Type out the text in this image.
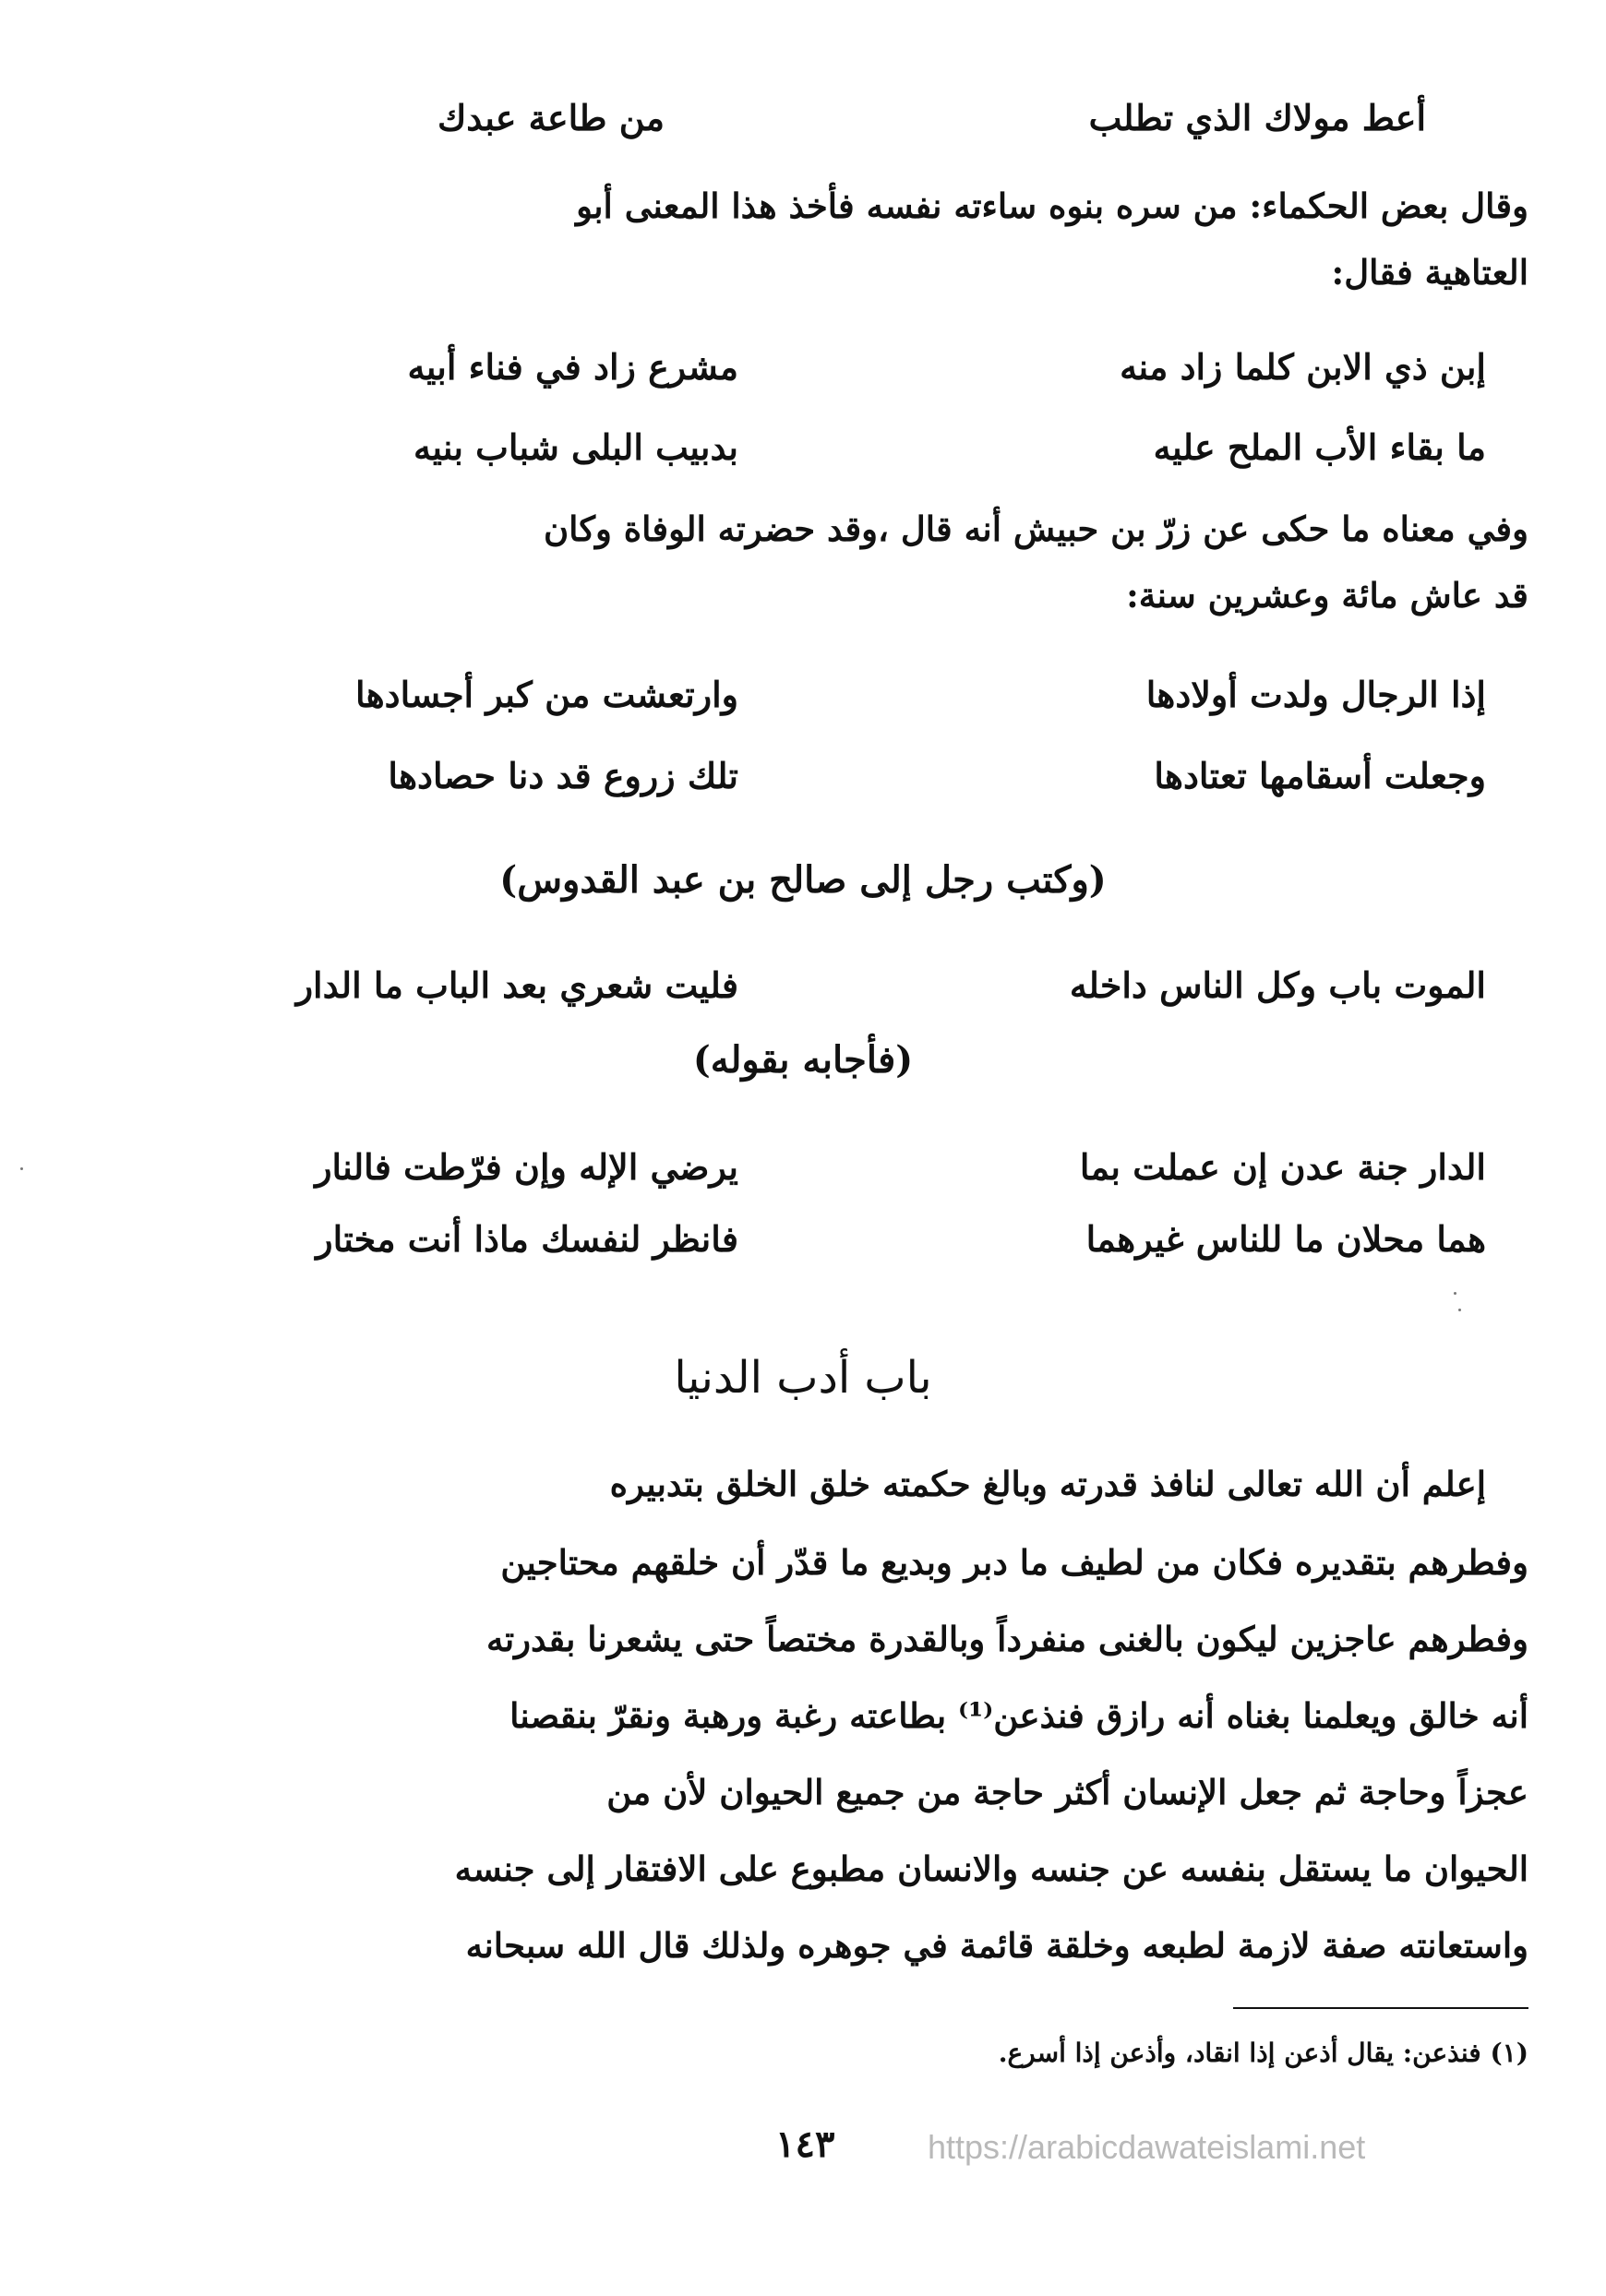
أعط مولاك الذي تطلب
من طاعة عبدك
وقال بعض الحكماء: من سره بنوه ساءته نفسه فأخذ هذا المعنى أبو
العتاهية فقال:
إبن ذي الابن كلما زاد منه
مشرع زاد في فناء أبيه
ما بقاء الأب الملح عليه
بدبيب البلى شباب بنيه
وفي معناه ما حكى عن زرّ بن حبيش أنه قال ،وقد حضرته الوفاة وكان
قد عاش مائة وعشرين سنة:
إذا الرجال ولدت أولادها
وارتعشت من كبر أجسادها
وجعلت أسقامها تعتادها
تلك زروع قد دنا حصادها
(وكتب رجل إلى صالح بن عبد القدوس)
الموت باب وكل الناس داخله
فليت شعري بعد الباب ما الدار
(فأجابه بقوله)
الدار جنة عدن إن عملت بما
يرضي الإله وإن فرّطت فالنار
هما محلان ما للناس غيرهما
فانظر لنفسك ماذا أنت مختار
باب أدب الدنيا
إعلم أن الله تعالى لنافذ قدرته وبالغ حكمته خلق الخلق بتدبيره
وفطرهم بتقديره فكان من لطيف ما دبر وبديع ما قدّر أن خلقهم محتاجين
وفطرهم عاجزين ليكون بالغنى منفرداً وبالقدرة مختصاً حتى يشعرنا بقدرته
أنه خالق ويعلمنا بغناه أنه رازق فنذعن⁽¹⁾ بطاعته رغبة ورهبة ونقرّ بنقصنا
عجزاً وحاجة ثم جعل الإنسان أكثر حاجة من جميع الحيوان لأن من
الحيوان ما يستقل بنفسه عن جنسه والانسان مطبوع على الافتقار إلى جنسه
واستعانته صفة لازمة لطبعه وخلقة قائمة في جوهره ولذلك قال الله سبحانه
(١) فنذعن: يقال أذعن إذا انقاد، وأذعن إذا أسرع.
١٤٣	https://arabicdawateislami.net
